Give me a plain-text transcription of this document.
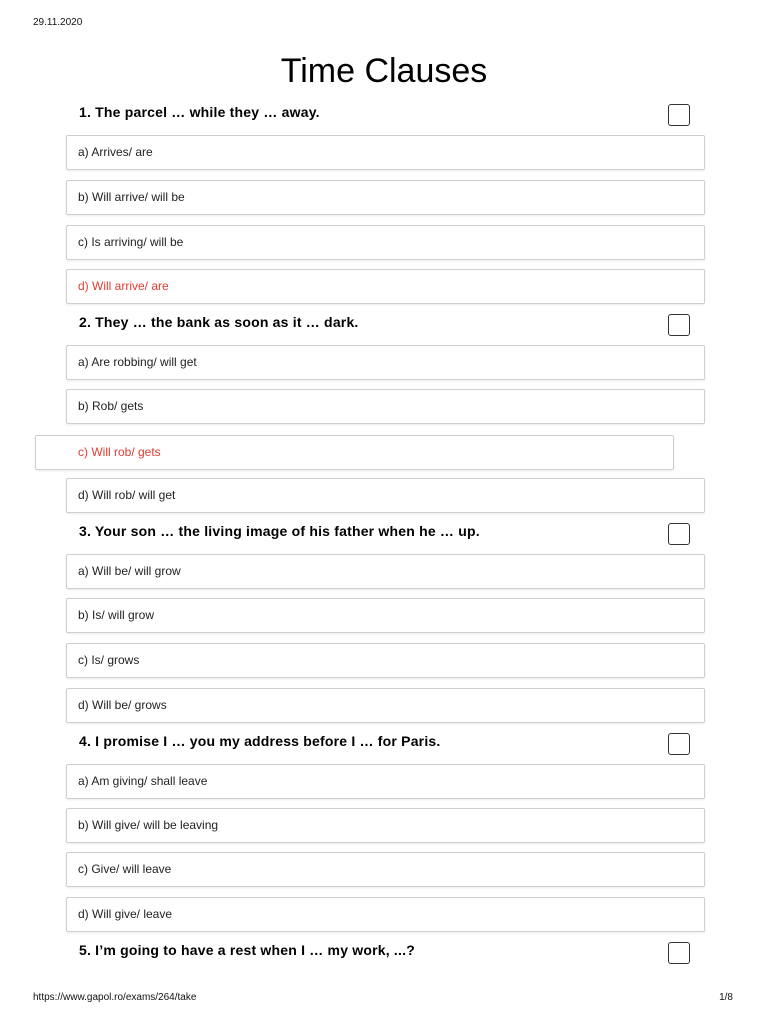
29.11.2020
Time Clauses
1. The parcel … while they … away.
a) Arrives/ are
b) Will arrive/ will be
c) Is arriving/ will be
d) Will arrive/ are
2. They … the bank as soon as it … dark.
a) Are robbing/ will get
b) Rob/ gets
c) Will rob/ gets
d) Will rob/ will get
3. Your son … the living image of his father when he … up.
a) Will be/ will grow
b) Is/ will grow
c) Is/ grows
d) Will be/ grows
4. I promise I … you my address before I … for Paris.
a) Am giving/ shall leave
b) Will give/ will be leaving
c) Give/ will leave
d) Will give/ leave
5. I’m going to have a rest when I … my work, ...?
https://www.gapol.ro/exams/264/take	1/8
